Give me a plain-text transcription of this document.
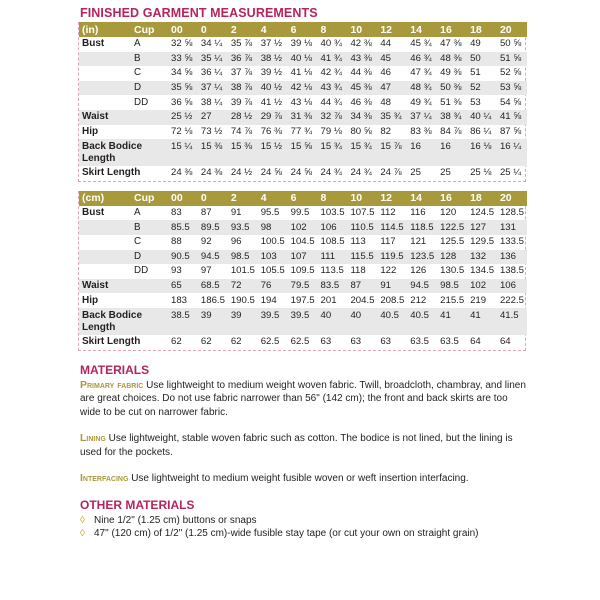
FINISHED GARMENT MEASUREMENTS
(in)	Cup	00	0	2	4	6	8	10	12	14	16	18	20
Bust	A	32 ⅝	34 ¼	35 ⅞	37 ½	39 ⅛	40 ¾	42 ⅜	44	45 ¾	47 ⅜	49	50 ⅝
	B	33 ⅝	35 ¼	36 ⅞	38 ½	40 ⅛	41 ¾	43 ⅜	45	46 ¾	48 ⅜	50	51 ⅝
	C	34 ⅝	36 ¼	37 ⅞	39 ½	41 ⅛	42 ¾	44 ⅜	46	47 ¾	49 ⅜	51	52 ⅝
	D	35 ⅝	37 ¼	38 ⅞	40 ½	42 ⅛	43 ¾	45 ⅜	47	48 ¾	50 ⅜	52	53 ⅝
	DD	36 ⅝	38 ¼	39 ⅞	41 ½	43 ⅛	44 ¾	46 ⅜	48	49 ¾	51 ⅜	53	54 ⅝
Waist		25 ½	27	28 ½	29 ⅞	31 ⅜	32 ⅞	34 ⅜	35 ¾	37 ¼	38 ¾	40 ¼	41 ⅝
Hip		72 ⅛	73 ½	74 ⅞	76 ⅜	77 ¾	79 ⅛	80 ⅝	82	83 ⅜	84 ⅞	86 ¼	87 ⅝
Back Bodice Length		15 ¼	15 ⅜	15 ⅜	15 ½	15 ⅝	15 ¾	15 ¾	15 ⅞	16	16	16 ⅛	16 ¼
Skirt Length		24 ⅜	24 ⅜	24 ½	24 ⅝	24 ⅝	24 ¾	24 ¾	24 ⅞	25	25	25 ⅛	25 ¼
(cm)	Cup	00	0	2	4	6	8	10	12	14	16	18	20
Bust	A	83	87	91	95.5	99.5	103.5	107.5	112	116	120	124.5	128.5
	B	85.5	89.5	93.5	98	102	106	110.5	114.5	118.5	122.5	127	131
	C	88	92	96	100.5	104.5	108.5	113	117	121	125.5	129.5	133.5
	D	90.5	94.5	98.5	103	107	111	115.5	119.5	123.5	128	132	136
	DD	93	97	101.5	105.5	109.5	113.5	118	122	126	130.5	134.5	138.5
Waist		65	68.5	72	76	79.5	83.5	87	91	94.5	98.5	102	106
Hip		183	186.5	190.5	194	197.5	201	204.5	208.5	212	215.5	219	222.5
Back Bodice Length		38.5	39	39	39.5	39.5	40	40	40.5	40.5	41	41	41.5
Skirt Length		62	62	62	62.5	62.5	63	63	63	63.5	63.5	64	64
MATERIALS

Primary fabric Use lightweight to medium weight woven fabric. Twill, broadcloth, chambray, and linen are great choices. Do not use fabric narrower than 56" (142 cm); the front and back skirts are too wide to be cut on narrower fabric.

Lining Use lightweight, stable woven fabric such as cotton. The bodice is not lined, but the lining is used for the pockets.

Interfacing Use lightweight to medium weight fusible woven or weft insertion interfacing.

OTHER MATERIALS
◊ Nine 1/2" (1.25 cm) buttons or snaps
◊ 47" (120 cm) of 1/2" (1.25 cm)-wide fusible stay tape (or cut your own on straight grain)
